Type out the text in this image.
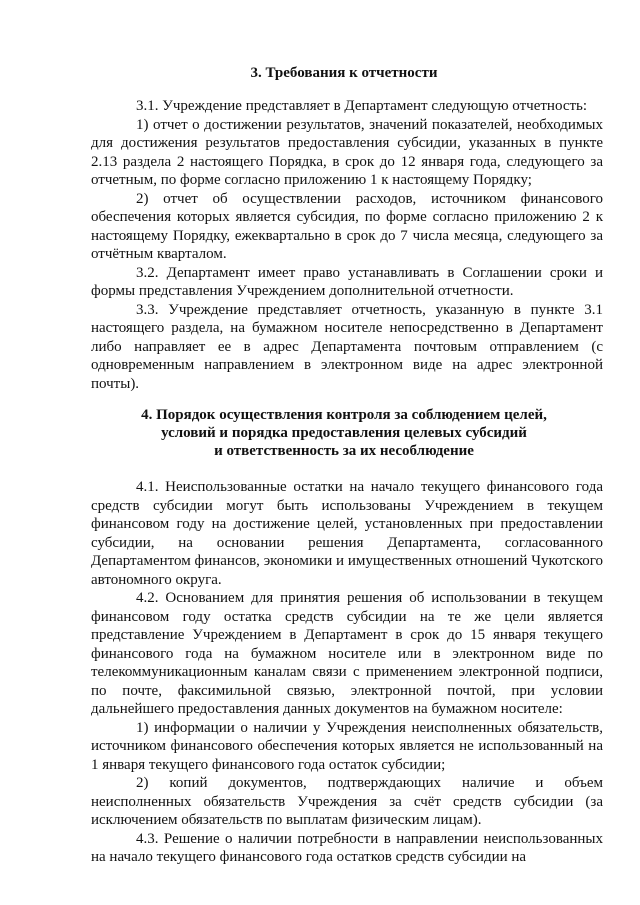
3. Требования к отчетности

3.1. Учреждение представляет в Департамент следующую отчетность:

1) отчет о достижении результатов, значений показателей, необходимых для достижения результатов предоставления субсидии, указанных в пункте 2.13 раздела 2 настоящего Порядка, в срок до 12 января года, следующего за отчетным, по форме согласно приложению 1 к настоящему Порядку;

2) отчет об осуществлении расходов, источником финансового обеспечения которых является субсидия, по форме согласно приложению 2 к настоящему Порядку, ежеквартально в срок до 7 числа месяца, следующего за отчётным кварталом.

3.2. Департамент имеет право устанавливать в Соглашении сроки и формы представления Учреждением дополнительной отчетности.

3.3. Учреждение представляет отчетность, указанную в пункте 3.1 настоящего раздела, на бумажном носителе непосредственно в Департамент либо направляет ее в адрес Департамента почтовым отправлением (с одновременным направлением в электронном виде на адрес электронной почты).

4. Порядок осуществления контроля за соблюдением целей,
условий и порядка предоставления целевых субсидий
и ответственность за их несоблюдение

4.1. Неиспользованные остатки на начало текущего финансового года средств субсидии могут быть использованы Учреждением в текущем финансовом году на достижение целей, установленных при предоставлении субсидии, на основании решения Департамента, согласованного Департаментом финансов, экономики и имущественных отношений Чукотского автономного округа.

4.2. Основанием для принятия решения об использовании в текущем финансовом году остатка средств субсидии на те же цели является представление Учреждением в Департамент в срок до 15 января текущего финансового года на бумажном носителе или в электронном виде по телекоммуникационным каналам связи с применением электронной подписи, по почте, факсимильной связью, электронной почтой, при условии дальнейшего предоставления данных документов на бумажном носителе:

1) информации о наличии у Учреждения неисполненных обязательств, источником финансового обеспечения которых является не использованный на 1 января текущего финансового года остаток субсидии;

2) копий документов, подтверждающих наличие и объем неисполненных обязательств Учреждения за счёт средств субсидии (за исключением обязательств по выплатам физическим лицам).

4.3. Решение о наличии потребности в направлении неиспользованных на начало текущего финансового года остатков средств субсидии на
